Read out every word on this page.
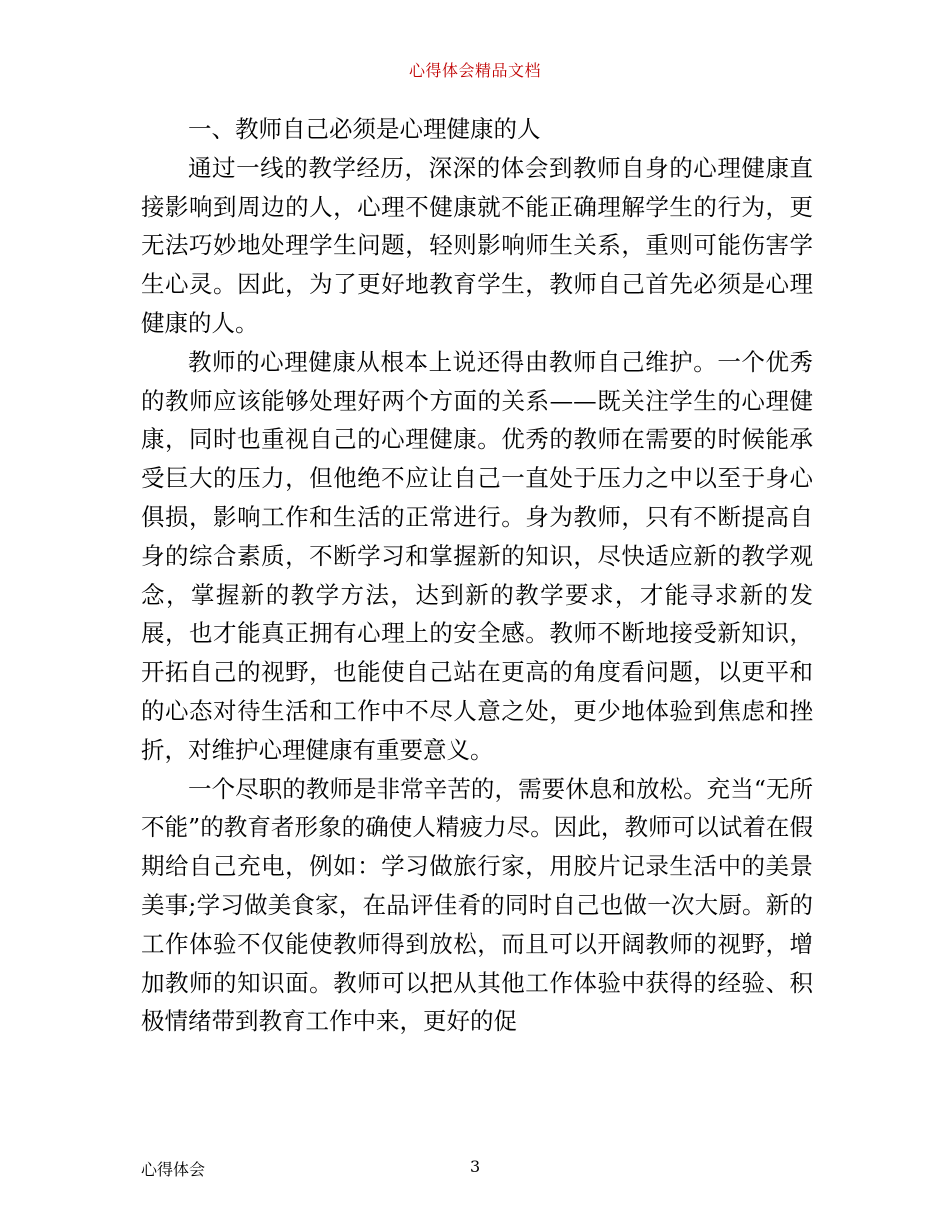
心得体会精品文档

一、教师自己必须是心理健康的人

通过一线的教学经历，深深的体会到教师自身的心理健康直接影响到周边的人，心理不健康就不能正确理解学生的行为，更无法巧妙地处理学生问题，轻则影响师生关系，重则可能伤害学生心灵。因此，为了更好地教育学生，教师自己首先必须是心理健康的人。

教师的心理健康从根本上说还得由教师自己维护。一个优秀的教师应该能够处理好两个方面的关系——既关注学生的心理健康，同时也重视自己的心理健康。优秀的教师在需要的时候能承受巨大的压力，但他绝不应让自己一直处于压力之中以至于身心俱损，影响工作和生活的正常进行。身为教师，只有不断提高自身的综合素质，不断学习和掌握新的知识，尽快适应新的教学观念，掌握新的教学方法，达到新的教学要求，才能寻求新的发展，也才能真正拥有心理上的安全感。教师不断地接受新知识，开拓自己的视野，也能使自己站在更高的角度看问题，以更平和的心态对待生活和工作中不尽人意之处，更少地体验到焦虑和挫折，对维护心理健康有重要意义。

一个尽职的教师是非常辛苦的，需要休息和放松。充当“无所不能”的教育者形象的确使人精疲力尽。因此，教师可以试着在假期给自己充电，例如：学习做旅行家，用胶片记录生活中的美景美事;学习做美食家，在品评佳肴的同时自己也做一次大厨。新的工作体验不仅能使教师得到放松，而且可以开阔教师的视野，增加教师的知识面。教师可以把从其他工作体验中获得的经验、积极情绪带到教育工作中来，更好的促

心得体会	3
